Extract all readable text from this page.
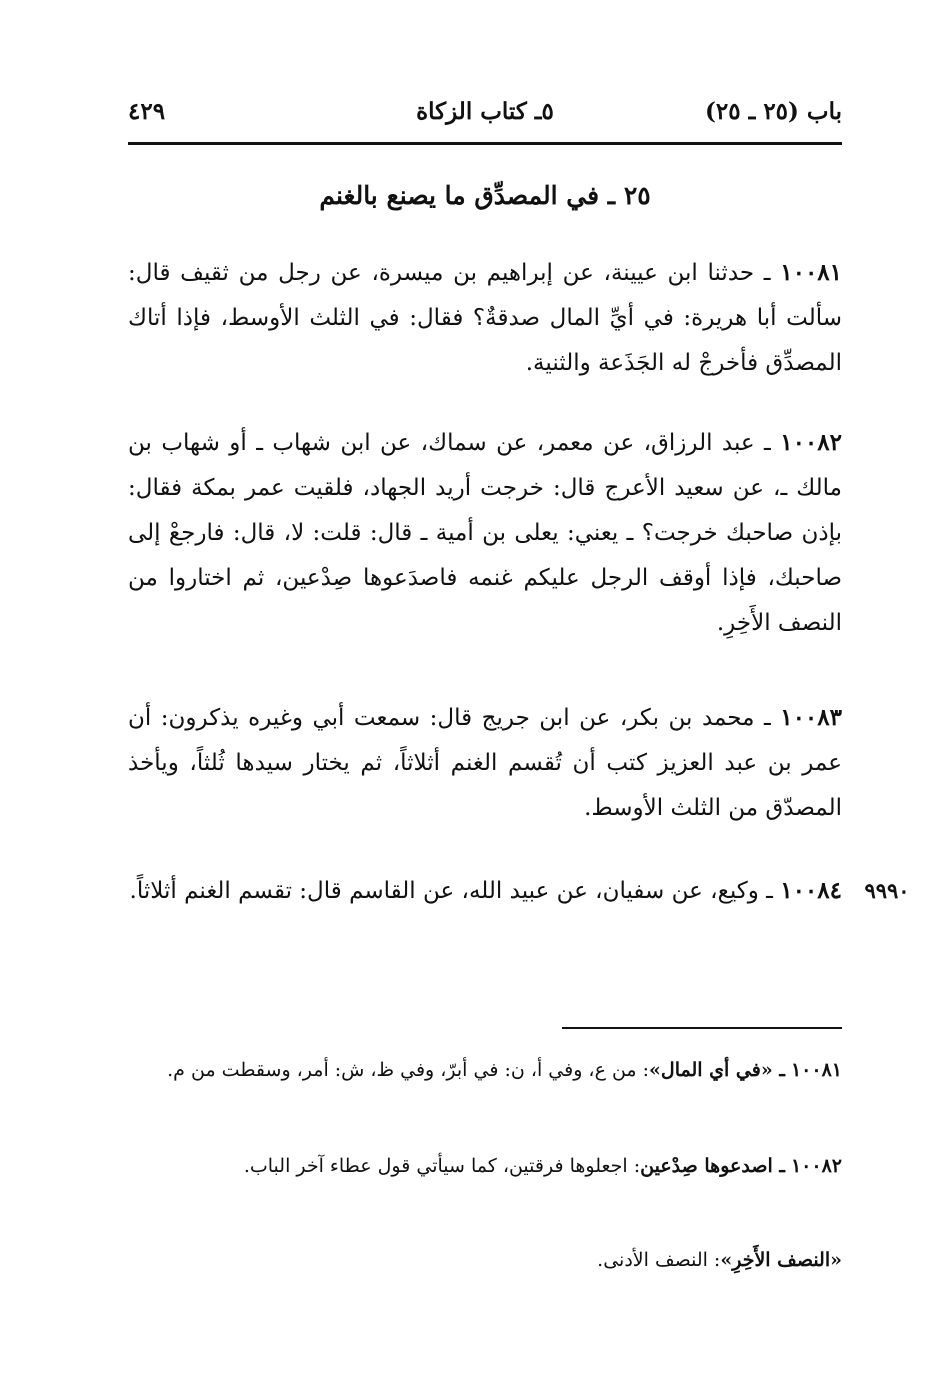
باب (٢٥ ـ ٢٥)
٥ـ كتاب الزكاة
٤٢٩
٢٥ ـ في المصدِّق ما يصنع بالغنم

١٠٠٨١ ـ حدثنا ابن عيينة، عن إبراهيم بن ميسرة، عن رجل من ثقيف قال: سألت أبا هريرة: في أيِّ المال صدقةٌ؟ فقال: في الثلث الأوسط، فإذا أتاك المصدِّق فأخرجْ له الجَذَعة والثنية.

١٠٠٨٢ ـ عبد الرزاق، عن معمر، عن سماك، عن ابن شهاب ـ أو شهاب بن مالك ـ، عن سعيد الأعرج قال: خرجت أريد الجهاد، فلقيت عمر بمكة فقال: بإذن صاحبك خرجت؟ ـ يعني: يعلى بن أمية ـ قال: قلت: لا، قال: فارجعْ إلى صاحبك، فإذا أوقف الرجل عليكم غنمه فاصدَعوها صِدْعين، ثم اختاروا من النصف الأَخِرِ.

١٠٠٨٣ ـ محمد بن بكر، عن ابن جريج قال: سمعت أبي وغيره يذكرون: أن عمر بن عبد العزيز كتب أن تُقسم الغنم أثلاثاً، ثم يختار سيدها ثُلثاً، ويأخذ المصدّق من الثلث الأوسط.

١٠٠٨٤ ـ وكيع، عن سفيان، عن عبيد الله، عن القاسم قال: تقسم الغنم أثلاثاً.	٩٩٩٠

١٠٠٨١ ـ «في أي المال»: من ع، وفي أ، ن: في أبرّ، وفي ظ، ش: أمر، وسقطت من م.

١٠٠٨٢ ـ اصدعوها صِدْعين: اجعلوها فرقتين، كما سيأتي قول عطاء آخر الباب.

«النصف الأَخِرِ»: النصف الأدنى.
